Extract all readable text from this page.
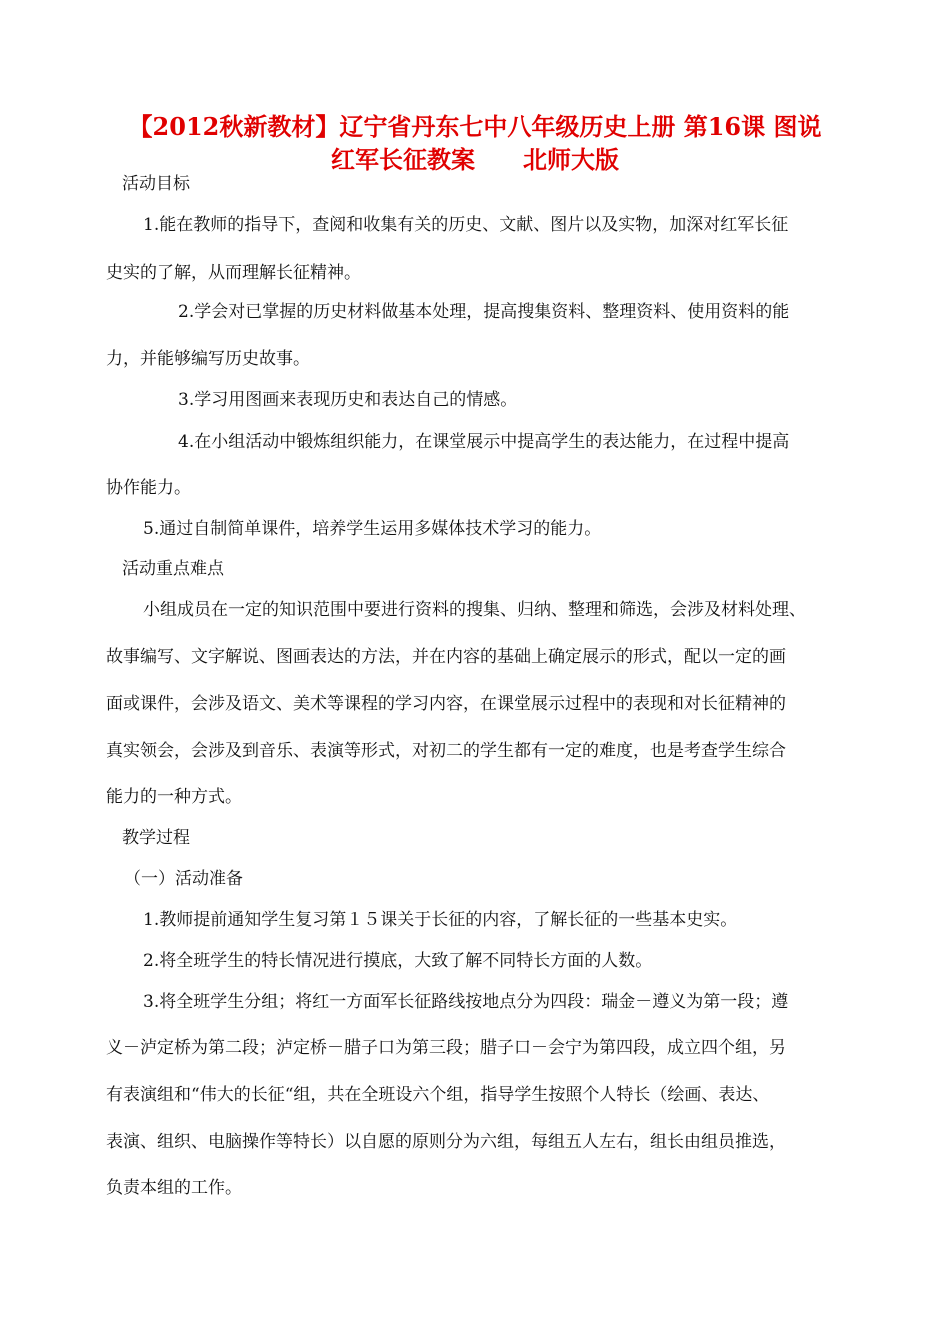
【2012秋新教材】辽宁省丹东七中八年级历史上册 第16课 图说
红军长征教案　　北师大版
活动目标
1.能在教师的指导下，查阅和收集有关的历史、文献、图片以及实物，加深对红军长征
史实的了解，从而理解长征精神。
2.学会对已掌握的历史材料做基本处理，提高搜集资料、整理资料、使用资料的能
力，并能够编写历史故事。
3.学习用图画来表现历史和表达自己的情感。
4.在小组活动中锻炼组织能力，在课堂展示中提高学生的表达能力，在过程中提高
协作能力。
5.通过自制简单课件，培养学生运用多媒体技术学习的能力。
活动重点难点
小组成员在一定的知识范围中要进行资料的搜集、归纳、整理和筛选，会涉及材料处理、
故事编写、文字解说、图画表达的方法，并在内容的基础上确定展示的形式，配以一定的画
面或课件，会涉及语文、美术等课程的学习内容，在课堂展示过程中的表现和对长征精神的
真实领会，会涉及到音乐、表演等形式，对初二的学生都有一定的难度，也是考查学生综合
能力的一种方式。
教学过程
（一）活动准备
1.教师提前通知学生复习第１５课关于长征的内容，了解长征的一些基本史实。
2.将全班学生的特长情况进行摸底，大致了解不同特长方面的人数。
3.将全班学生分组；将红一方面军长征路线按地点分为四段：瑞金－遵义为第一段；遵
义－泸定桥为第二段；泸定桥－腊子口为第三段；腊子口－会宁为第四段，成立四个组，另
有表演组和“伟大的长征“组，共在全班设六个组，指导学生按照个人特长（绘画、表达、
表演、组织、电脑操作等特长）以自愿的原则分为六组，每组五人左右，组长由组员推选，
负责本组的工作。
